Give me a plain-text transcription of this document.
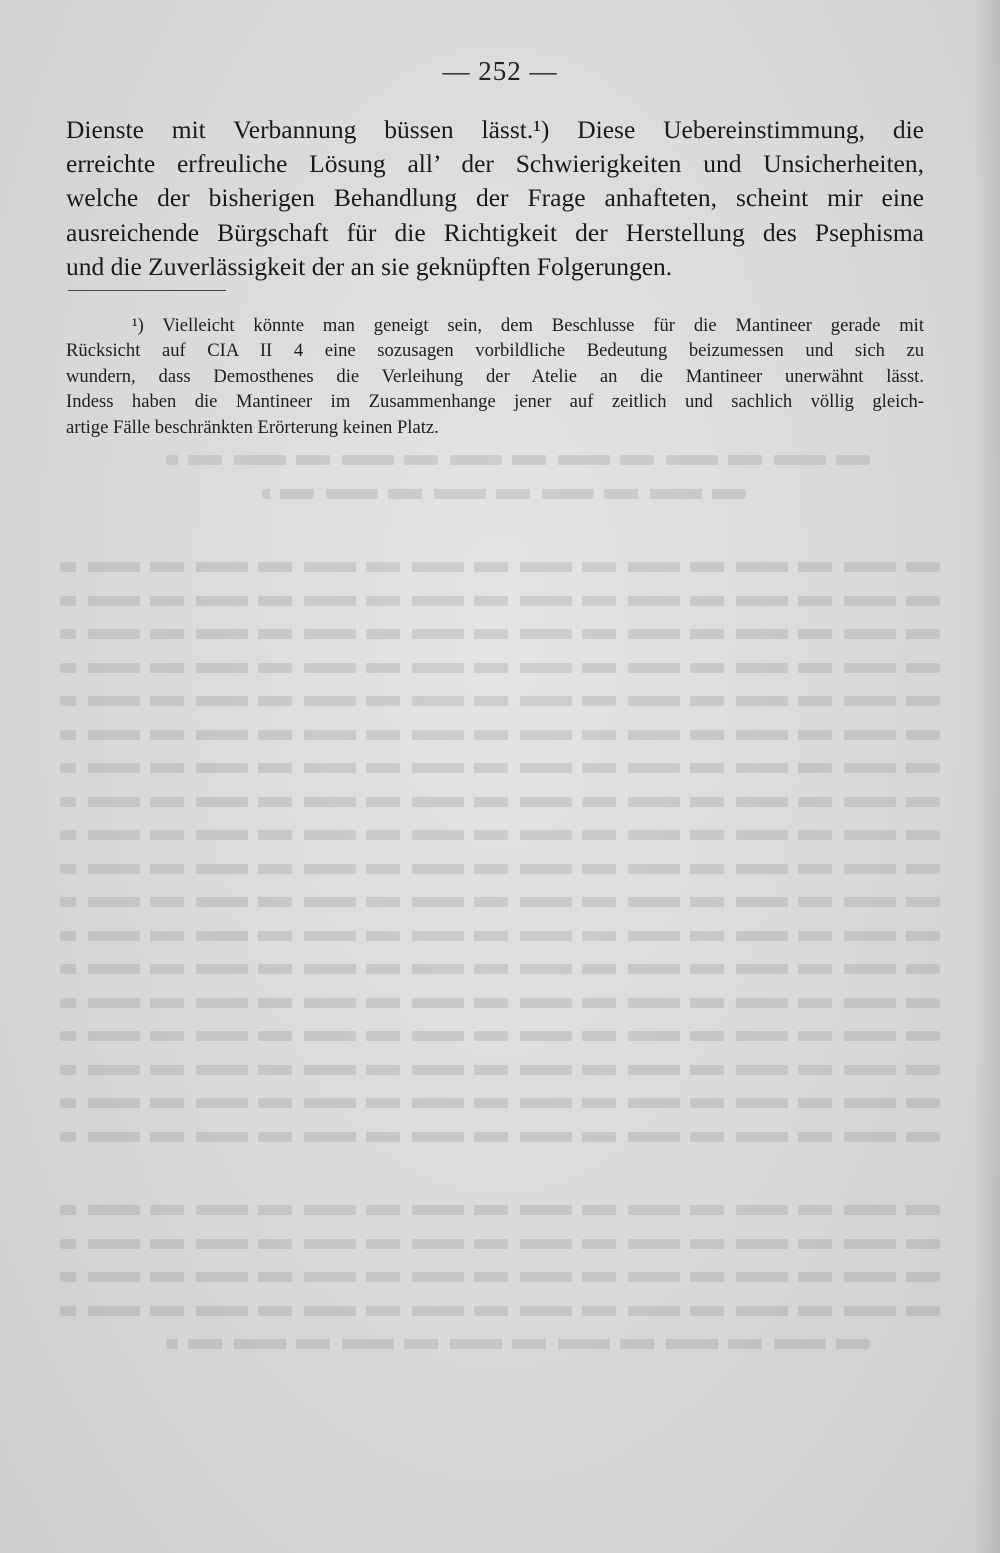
— 252 —
Dienste mit Verbannung büssen lässt.¹) Diese Uebereinstimmung, die
erreichte erfreuliche Lösung all’ der Schwierigkeiten und Unsicherheiten,
welche der bisherigen Behandlung der Frage anhafteten, scheint mir eine
ausreichende Bürgschaft für die Richtigkeit der Herstellung des Psephisma
und die Zuverlässigkeit der an sie geknüpften Folgerungen.
¹) Vielleicht könnte man geneigt sein, dem Beschlusse für die Mantineer gerade mit
Rücksicht auf CIA II 4 eine sozusagen vorbildliche Bedeutung beizumessen und sich zu
wundern, dass Demosthenes die Verleihung der Atelie an die Mantineer unerwähnt lässt.
Indess haben die Mantineer im Zusammenhange jener auf zeitlich und sachlich völlig gleich-
artige Fälle beschränkten Erörterung keinen Platz.
